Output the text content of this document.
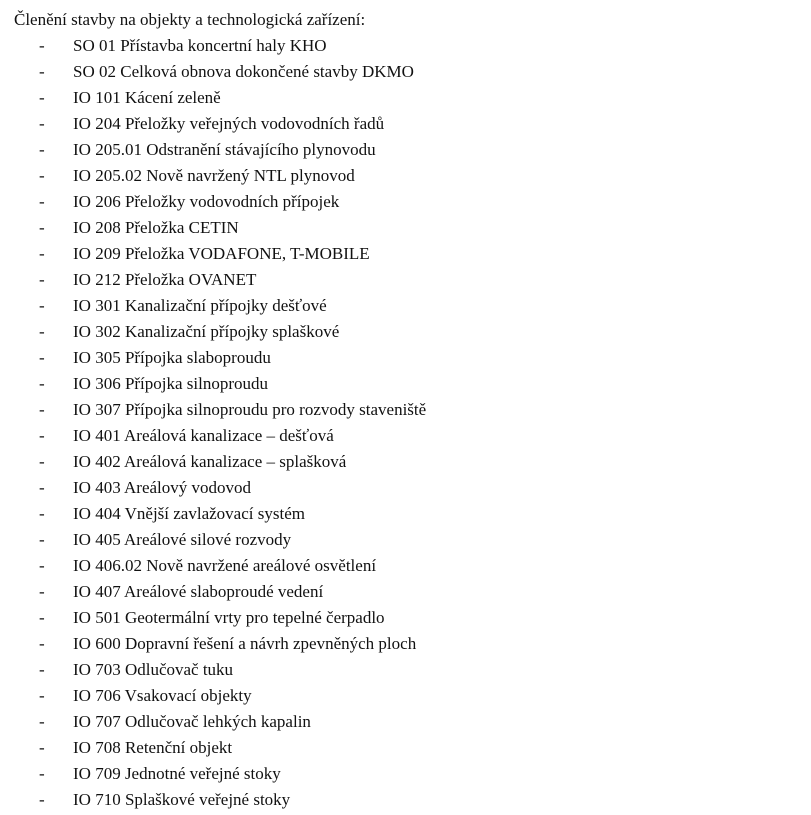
Členění stavby na objekty a technologická zařízení:
- SO 01 Přístavba koncertní haly KHO
- SO 02 Celková obnova dokončené stavby DKMO
- IO 101 Kácení zeleně
- IO 204 Přeložky veřejných vodovodních řadů
- IO 205.01 Odstranění stávajícího plynovodu
- IO 205.02 Nově navržený NTL plynovod
- IO 206 Přeložky vodovodních přípojek
- IO 208 Přeložka CETIN
- IO 209 Přeložka VODAFONE, T-MOBILE
- IO 212 Přeložka OVANET
- IO 301 Kanalizační přípojky dešťové
- IO 302 Kanalizační přípojky splaškové
- IO 305 Přípojka slaboproudu
- IO 306 Přípojka silnoproudu
- IO 307 Přípojka silnoproudu pro rozvody staveniště
- IO 401 Areálová kanalizace – dešťová
- IO 402 Areálová kanalizace – splašková
- IO 403 Areálový vodovod
- IO 404 Vnější zavlažovací systém
- IO 405 Areálové silové rozvody
- IO 406.02 Nově navržené areálové osvětlení
- IO 407 Areálové slaboproudé vedení
- IO 501 Geotermální vrty pro tepelné čerpadlo
- IO 600 Dopravní řešení a návrh zpevněných ploch
- IO 703 Odlučovač tuku
- IO 706 Vsakovací objekty
- IO 707 Odlučovač lehkých kapalin
- IO 708 Retenční objekt
- IO 709 Jednotné veřejné stoky
- IO 710 Splaškové veřejné stoky
